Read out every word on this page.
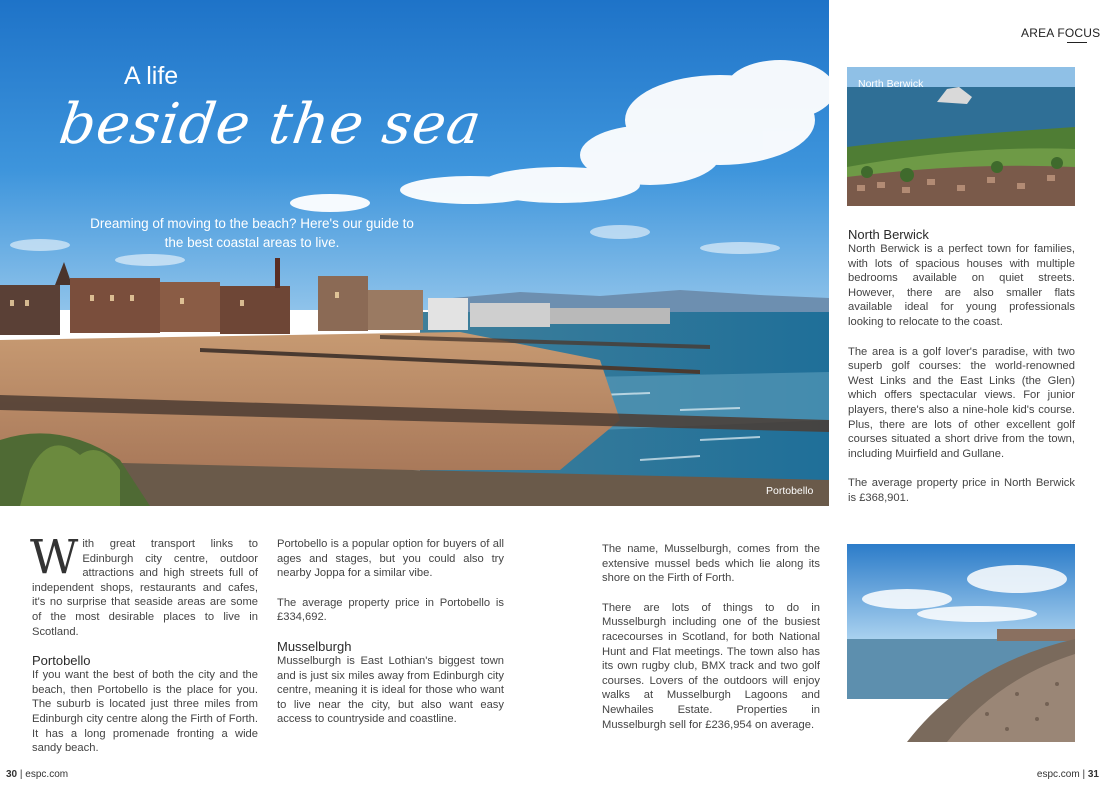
A life
beside the sea
Dreaming of moving to the beach? Here's our guide to the best coastal areas to live.
Portobello
AREA FOCUS
North Berwick
North Berwick

North Berwick is a perfect town for families, with lots of spacious houses with multiple bedrooms available on quiet streets. However, there are also smaller flats available ideal for young professionals looking to relocate to the coast.

The area is a golf lover's paradise, with two superb golf courses: the world-renowned West Links and the East Links (the Glen) which offers spectacular views. For junior players, there's also a nine-hole kid's course. Plus, there are lots of other excellent golf courses situated a short drive from the town, including Muirfield and Gullane.

The average property price in North Berwick is £368,901.

Musselburgh

With great transport links to Edinburgh city centre, outdoor attractions and high streets full of independent shops, restaurants and cafes, it's no surprise that seaside areas are some of the most desirable places to live in Scotland.

Portobello

If you want the best of both the city and the beach, then Portobello is the place for you. The suburb is located just three miles from Edinburgh city centre along the Firth of Forth. It has a long promenade fronting a wide sandy beach.

Portobello is a popular option for buyers of all ages and stages, but you could also try nearby Joppa for a similar vibe.

The average property price in Portobello is £334,692.

Musselburgh

Musselburgh is East Lothian's biggest town and is just six miles away from Edinburgh city centre, meaning it is ideal for those who want to live near the city, but also want easy access to countryside and coastline.

The name, Musselburgh, comes from the extensive mussel beds which lie along its shore on the Firth of Forth.

There are lots of things to do in Musselburgh including one of the busiest racecourses in Scotland, for both National Hunt and Flat meetings. The town also has its own rugby club, BMX track and two golf courses. Lovers of the outdoors will enjoy walks at Musselburgh Lagoons and Newhailes Estate. Properties in Musselburgh sell for £236,954 on average.

30 | espc.com	espc.com | 31
